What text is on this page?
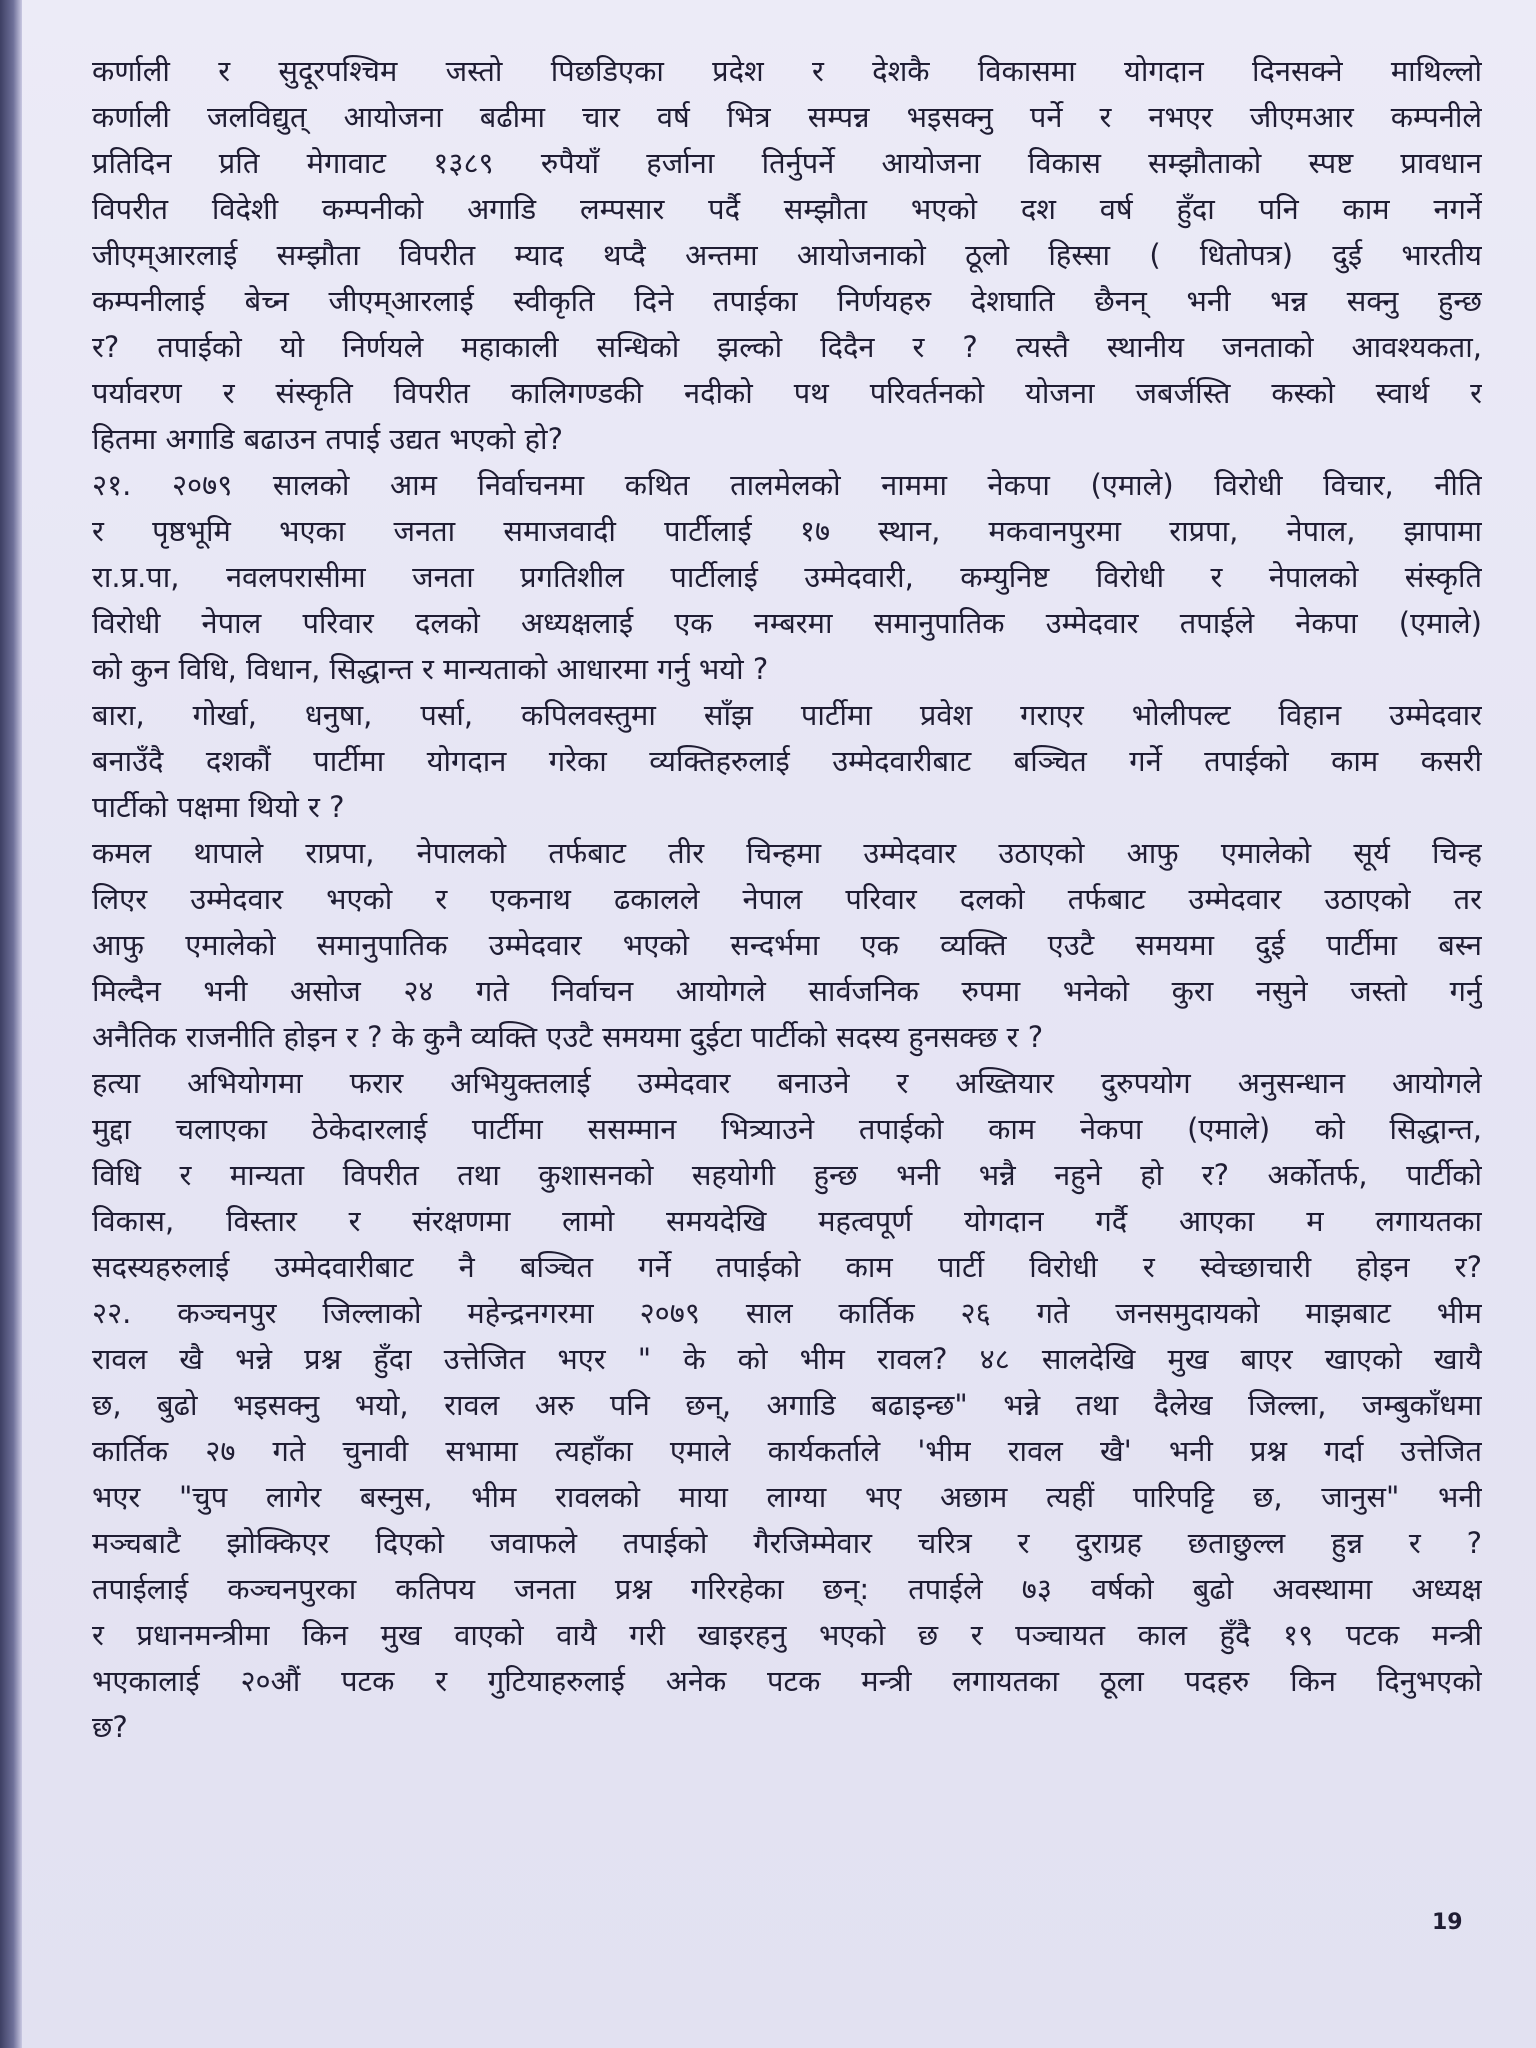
कर्णाली र सुदूरपश्चिम जस्तो पिछडिएका प्रदेश र देशकै विकासमा योगदान दिनसक्ने माथिल्लो
कर्णाली जलविद्युत् आयोजना बढीमा चार वर्ष भित्र सम्पन्न भइसक्नु पर्ने र नभएर जीएमआर कम्पनीले
प्रतिदिन प्रति मेगावाट १३८९ रुपैयाँ हर्जाना तिर्नुपर्ने आयोजना विकास सम्झौताको स्पष्ट प्रावधान
विपरीत विदेशी कम्पनीको अगाडि लम्पसार पर्दै सम्झौता भएको दश वर्ष हुँदा पनि काम नगर्ने
जीएम्आरलाई सम्झौता विपरीत म्याद थप्दै अन्तमा आयोजनाको ठूलो हिस्सा ( धितोपत्र) दुई भारतीय
कम्पनीलाई बेच्न जीएम्आरलाई स्वीकृति दिने तपाईका निर्णयहरु देशघाति छैनन् भनी भन्न सक्नु हुन्छ
र? तपाईको यो निर्णयले महाकाली सन्धिको झल्को दिदैन र ? त्यस्तै स्थानीय जनताको आवश्यकता,
पर्यावरण र संस्कृति विपरीत कालिगण्डकी नदीको पथ परिवर्तनको योजना जबर्जस्ति कस्को स्वार्थ र
हितमा अगाडि बढाउन तपाई उद्यत भएको हो?
२१. २०७९ सालको आम निर्वाचनमा कथित तालमेलको नाममा नेकपा (एमाले) विरोधी विचार, नीति
र पृष्ठभूमि भएका जनता समाजवादी पार्टीलाई १७ स्थान, मकवानपुरमा राप्रपा, नेपाल, झापामा
रा.प्र.पा, नवलपरासीमा जनता प्रगतिशील पार्टीलाई उम्मेदवारी, कम्युनिष्ट विरोधी र नेपालको संस्कृति
विरोधी नेपाल परिवार दलको अध्यक्षलाई एक नम्बरमा समानुपातिक उम्मेदवार तपाईले नेकपा (एमाले)
को कुन विधि, विधान, सिद्धान्त र मान्यताको आधारमा गर्नु भयो ?
बारा, गोर्खा, धनुषा, पर्सा, कपिलवस्तुमा साँझ पार्टीमा प्रवेश गराएर भोलीपल्ट विहान उम्मेदवार
बनाउँदै दशकौं पार्टीमा योगदान गरेका व्यक्तिहरुलाई उम्मेदवारीबाट बञ्चित गर्ने तपाईको काम कसरी
पार्टीको पक्षमा थियो र ?
कमल थापाले राप्रपा, नेपालको तर्फबाट तीर चिन्हमा उम्मेदवार उठाएको आफु एमालेको सूर्य चिन्ह
लिएर उम्मेदवार भएको र एकनाथ ढकालले नेपाल परिवार दलको तर्फबाट उम्मेदवार उठाएको तर
आफु एमालेको समानुपातिक उम्मेदवार भएको सन्दर्भमा एक व्यक्ति एउटै समयमा दुई पार्टीमा बस्न
मिल्दैन भनी असोज २४ गते निर्वाचन आयोगले सार्वजनिक रुपमा भनेको कुरा नसुने जस्तो गर्नु
अनैतिक राजनीति होइन र ? के कुनै व्यक्ति एउटै समयमा दुईटा पार्टीको सदस्य हुनसक्छ र ?
हत्या अभियोगमा फरार अभियुक्तलाई उम्मेदवार बनाउने र अख्तियार दुरुपयोग अनुसन्धान आयोगले
मुद्दा चलाएका ठेकेदारलाई पार्टीमा ससम्मान भित्र्याउने तपाईको काम नेकपा (एमाले) को सिद्धान्त,
विधि र मान्यता विपरीत तथा कुशासनको सहयोगी हुन्छ भनी भन्नै नहुने हो र? अर्कोतर्फ, पार्टीको
विकास, विस्तार र संरक्षणमा लामो समयदेखि महत्वपूर्ण योगदान गर्दै आएका म लगायतका
सदस्यहरुलाई उम्मेदवारीबाट नै बञ्चित गर्ने तपाईको काम पार्टी विरोधी र स्वेच्छाचारी होइन र?
२२. कञ्चनपुर जिल्लाको महेन्द्रनगरमा २०७९ साल कार्तिक २६ गते जनसमुदायको माझबाट भीम
रावल खै भन्ने प्रश्न हुँदा उत्तेजित भएर " के को भीम रावल? ४८ सालदेखि मुख बाएर खाएको खायै
छ, बुढो भइसक्नु भयो, रावल अरु पनि छन्, अगाडि बढाइन्छ" भन्ने तथा दैलेख जिल्ला, जम्बुकाँधमा
कार्तिक २७ गते चुनावी सभामा त्यहाँका एमाले कार्यकर्ताले 'भीम रावल खै' भनी प्रश्न गर्दा उत्तेजित
भएर "चुप लागेर बस्नुस, भीम रावलको माया लाग्या भए अछाम त्यहीं पारिपट्टि छ, जानुस" भनी
मञ्चबाटै झोक्किएर दिएको जवाफले तपाईको गैरजिम्मेवार चरित्र र दुराग्रह छताछुल्ल हुन्न र ?
तपाईलाई कञ्चनपुरका कतिपय जनता प्रश्न गरिरहेका छन्: तपाईले ७३ वर्षको बुढो अवस्थामा अध्यक्ष
र प्रधानमन्त्रीमा किन मुख वाएको वायै गरी खाइरहनु भएको छ र पञ्चायत काल हुँदै १९ पटक मन्त्री
भएकालाई २०औं पटक र गुटियाहरुलाई अनेक पटक मन्त्री लगायतका ठूला पदहरु किन दिनुभएको
छ?
19
